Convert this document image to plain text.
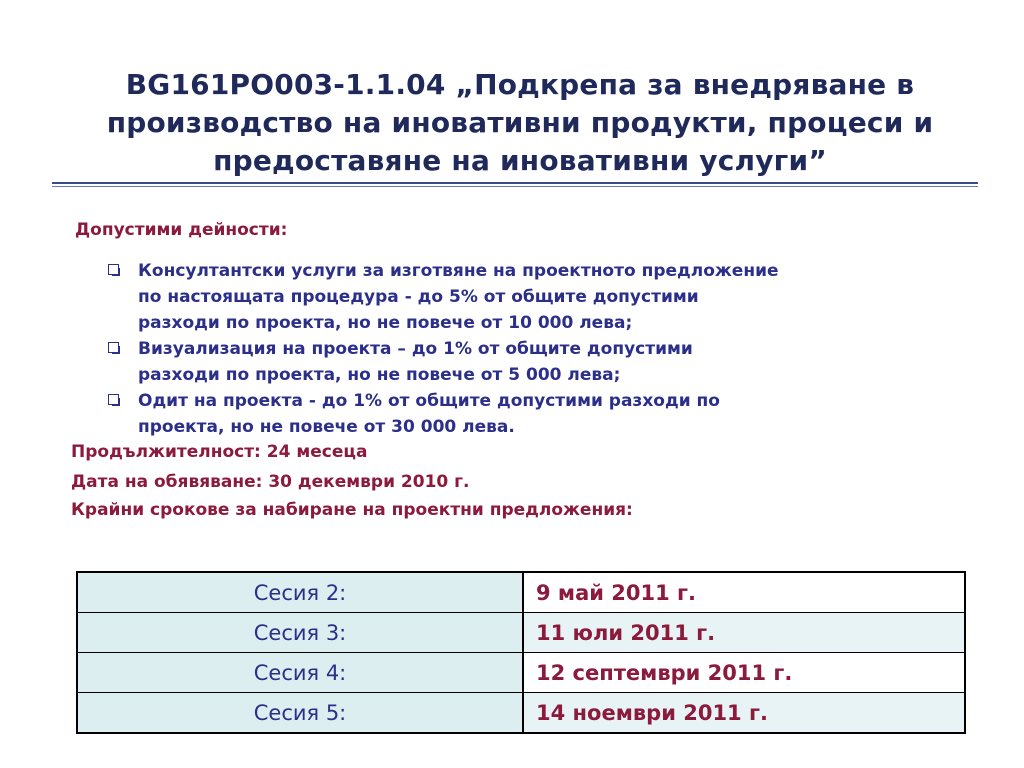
BG161PO003-1.1.04 „Подкрепа за внедряване в
производство на иновативни продукти, процеси и
предоставяне на иновативни услуги”
Допустими дейности:
Консултантски услуги за изготвяне на проектното предложение
по настоящата процедура - до 5% от общите допустими
разходи по проекта, но не повече от 10 000 лева;
Визуализация на проекта – до 1% от общите допустими
разходи по проекта, но не повече от 5 000 лева;
Одит на проекта - до 1% от общите допустими разходи по
проекта, но не повече от 30 000 лева.
Продължителност: 24 месеца
Дата на обявяване: 30 декември 2010 г.
Крайни срокове за набиране на проектни предложения:
Сесия 2:	9 май 2011 г.
Сесия 3:	11 юли 2011 г.
Сесия 4:	12 септември 2011 г.
Сесия 5:	14 ноември 2011 г.
